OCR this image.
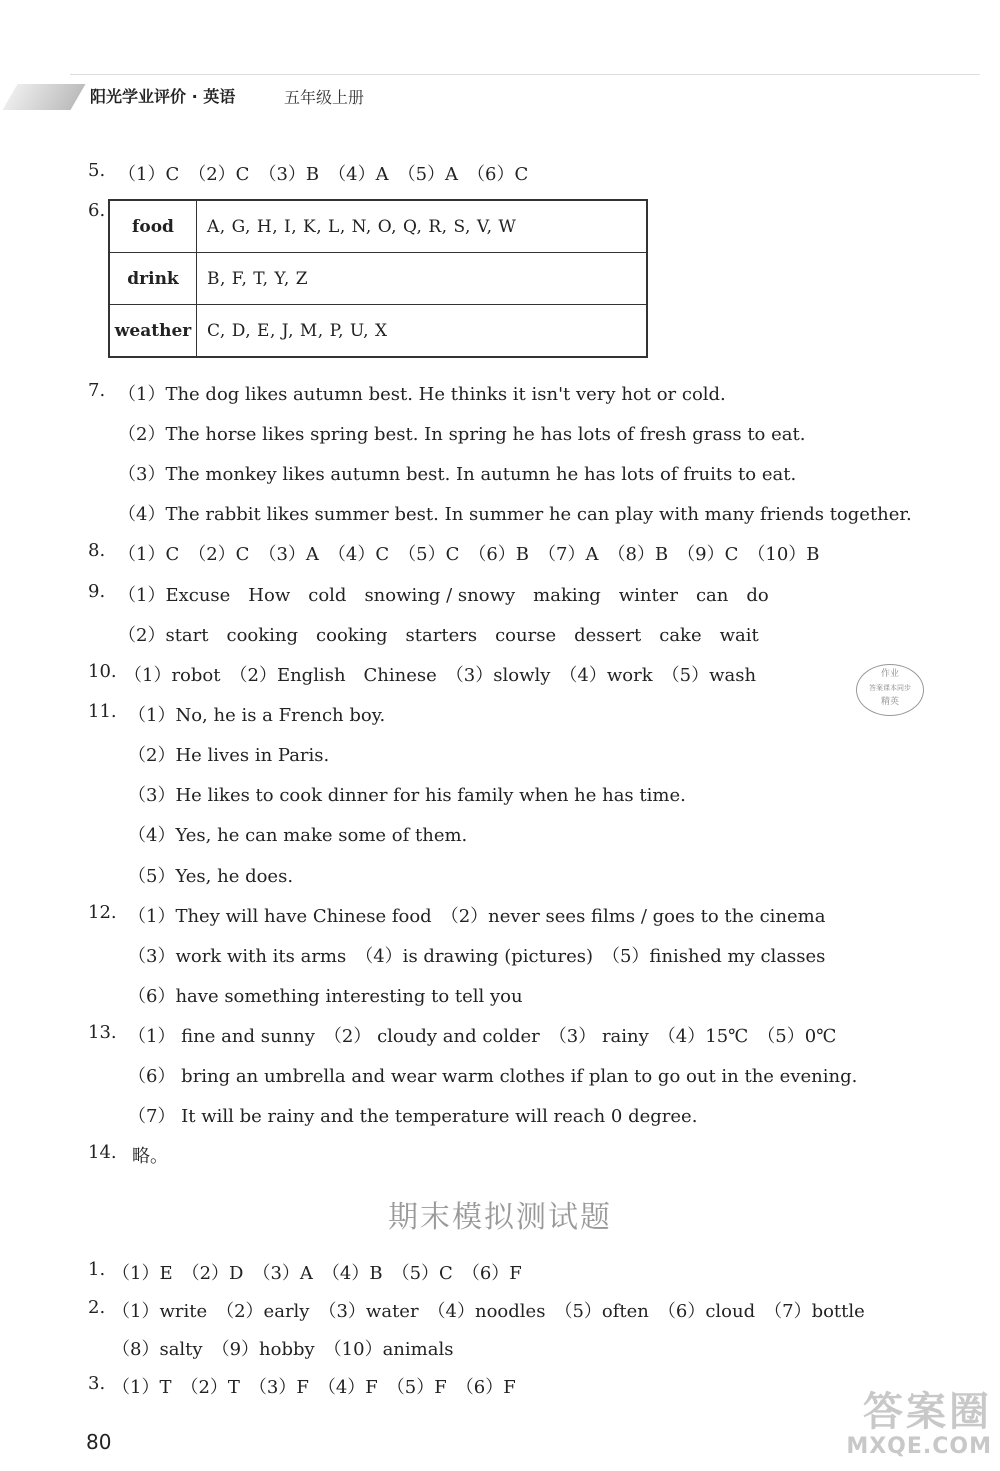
阳光学业评价 · 英语	五年级上册
5. （1）C　（2）C　（3）B　（4）A　（5）A　（6）C
6.
food	A, G, H, I, K, L, N, O, Q, R, S, V, W
drink	B, F, T, Y, Z
weather	C, D, E, J, M, P, U, X
7. （1）The dog likes autumn best. He thinks it isn't very hot or cold.
（2）The horse likes spring best. In spring he has lots of fresh grass to eat.
（3）The monkey likes autumn best. In autumn he has lots of fruits to eat.
（4）The rabbit likes summer best. In summer he can play with many friends together.
8. （1）C　（2）C　（3）A　（4）C　（5）C　（6）B　（7）A　（8）B　（9）C　（10）B
9. （1）Excuse　How　cold　snowing / snowy　making　winter　can　do
（2）start　cooking　cooking　starters　course　dessert　cake　wait
10. （1）robot　（2）English　Chinese　（3）slowly　（4）work　（5）wash
11. （1）No, he is a French boy.
（2）He lives in Paris.
（3）He likes to cook dinner for his family when he has time.
（4）Yes, he can make some of them.
（5）Yes, he does.
12. （1）They will have Chinese food　（2）never sees films / goes to the cinema
（3）work with its arms　（4）is drawing (pictures)　（5）finished my classes
（6）have something interesting to tell you
13. （1） fine and sunny　（2） cloudy and colder　（3） rainy　（4）15℃　（5）0℃
（6） bring an umbrella and wear warm clothes if plan to go out in the evening.
（7） It will be rainy and the temperature will reach 0 degree.
14. 略。
期末模拟测试题
1. （1）E　（2）D　（3）A　（4）B　（5）C　（6）F
2. （1）write　（2）early　（3）water　（4）noodles　（5）often　（6）cloud　（7）bottle
（8）salty　（9）hobby　（10）animals
3. （1）T　（2）T　（3）F　（4）F　（5）F　（6）F
作业
答案课本同步
精英
80
答案圈
MXQE.COM
